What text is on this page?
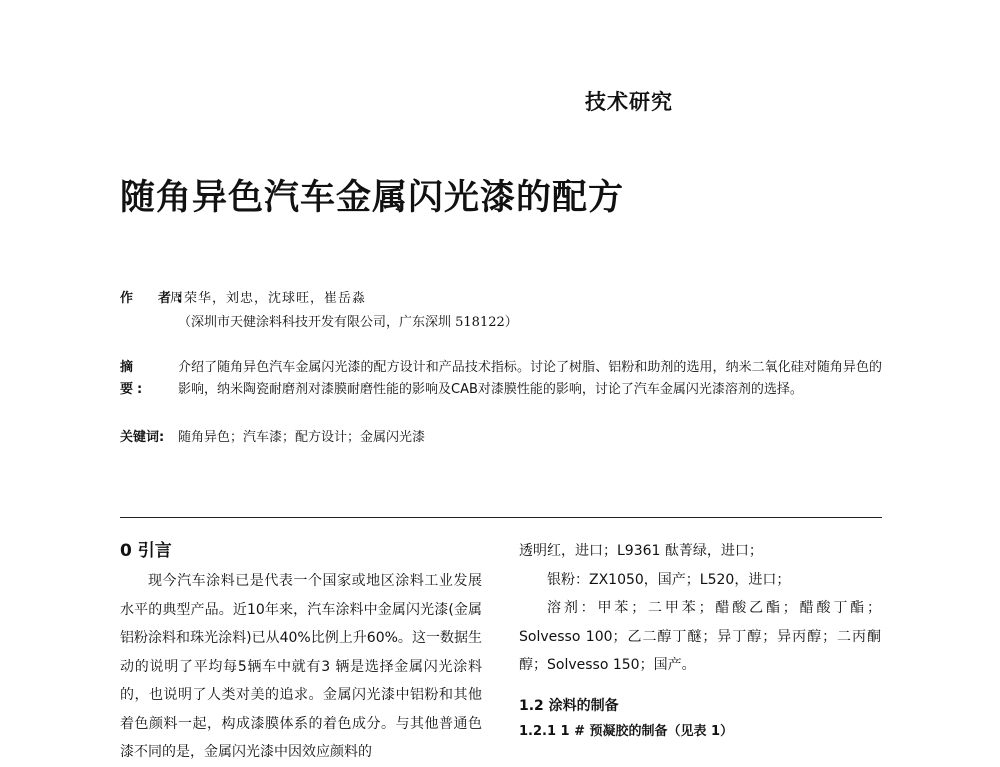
技术研究
随角异色汽车金属闪光漆的配方
作　者:周荣华，刘忠，沈球旺，崔岳淼
（深圳市天健涂料科技开发有限公司，广东深圳 518122）
摘　要:
介绍了随角异色汽车金属闪光漆的配方设计和产品技术指标。讨论了树脂、铝粉和助剂的选用，纳米二氧化硅对随角异色的影响，纳米陶瓷耐磨剂对漆膜耐磨性能的影响及CAB对漆膜性能的影响，讨论了汽车金属闪光漆溶剂的选择。
关键词: 随角异色；汽车漆；配方设计；金属闪光漆
0 引言

现今汽车涂料已是代表一个国家或地区涂料工业发展水平的典型产品。近10年来，汽车涂料中金属闪光漆(金属铝粉涂料和珠光涂料)已从40%比例上升60%。这一数据生动的说明了平均每5辆车中就有3 辆是选择金属闪光涂料的，也说明了人类对美的追求。金属闪光漆中铝粉和其他着色颜料一起，构成漆膜体系的着色成分。与其他普通色漆不同的是，金属闪光漆中因效应颜料的

透明红，进口；L9361 酞菁绿，进口；

银粉：ZX1050，国产；L520，进口；

溶剂：甲苯；二甲苯；醋酸乙酯；醋酸丁酯；Solvesso 100；乙二醇丁醚；异丁醇；异丙醇；二丙酮醇；Solvesso 150；国产。

1.2 涂料的制备
1.2.1 1 # 预凝胶的制备（见表 1）
